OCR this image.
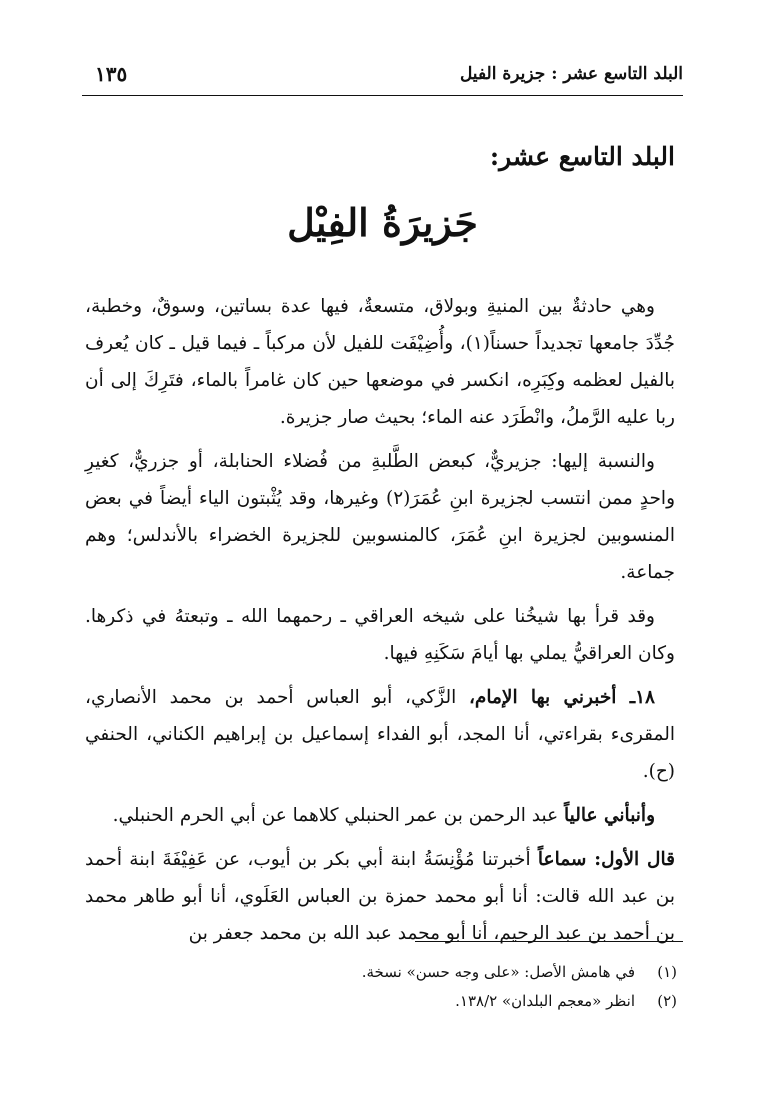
البلد التاسع عشر : جزيرة الفيل
١٣٥
البلد التاسع عشر:
جَزيرَةُ الفِيْل

وهي حادثةٌ بين المنيةِ وبولاق، متسعةٌ، فيها عدة بساتين، وسوقٌ، وخطبة، جُدِّدَ جامعها تجديداً حسناً(١)، وأُضِيْفَت للفيل لأن مركباً ـ فيما قيل ـ كان يُعرف بالفيل لعظمه وكِبَرِه، انكسر في موضعها حين كان غامراً بالماء، فتَرِكَ إلى أن ربا عليه الرَّملُ، وانْطَرَد عنه الماء؛ بحيث صار جزيرة.

والنسبة إليها: جزيريٌّ، كبعض الطَّلبةِ من فُضلاء الحنابلة، أو جزريٌّ، كغيرِ واحدٍ ممن انتسب لجزيرة ابنِ عُمَرَ(٢) وغيرها، وقد يُثْبتون الياء أيضاً في بعض المنسوبين لجزيرة ابنِ عُمَرَ، كالمنسوبين للجزيرة الخضراء بالأندلس؛ وهم جماعة.

وقد قرأ بها شيخُنا على شيخه العراقي ـ رحمهما الله ـ وتبعتهُ في ذكرها. وكان العراقيُّ يملي بها أيامَ سَكَنِهِ فيها.

١٨ـ أخبرني بها الإمام، الزَّكي، أبو العباس أحمد بن محمد الأنصاري، المقرىء بقراءتي، أنا المجد، أبو الفداء إسماعيل بن إبراهيم الكناني، الحنفي (ح).

وأنبأني عالياً عبد الرحمن بن عمر الحنبلي كلاهما عن أبي الحرم الحنبلي.

قال الأول: سماعاً أخبرتنا مُؤْنِسَةُ ابنة أبي بكر بن أيوب، عن عَفِيْفَةَ ابنة أحمد بن عبد الله قالت: أنا أبو محمد حمزة بن العباس العَلَوي، أنا أبو طاهر محمد بن أحمد بن عبد الرحيم، أنا أبو محمد عبد الله بن محمد جعفر بن

(١)
في هامش الأصل: «على وجه حسن» نسخة.
(٢)
انظر «معجم البلدان» ١٣٨/٢.
